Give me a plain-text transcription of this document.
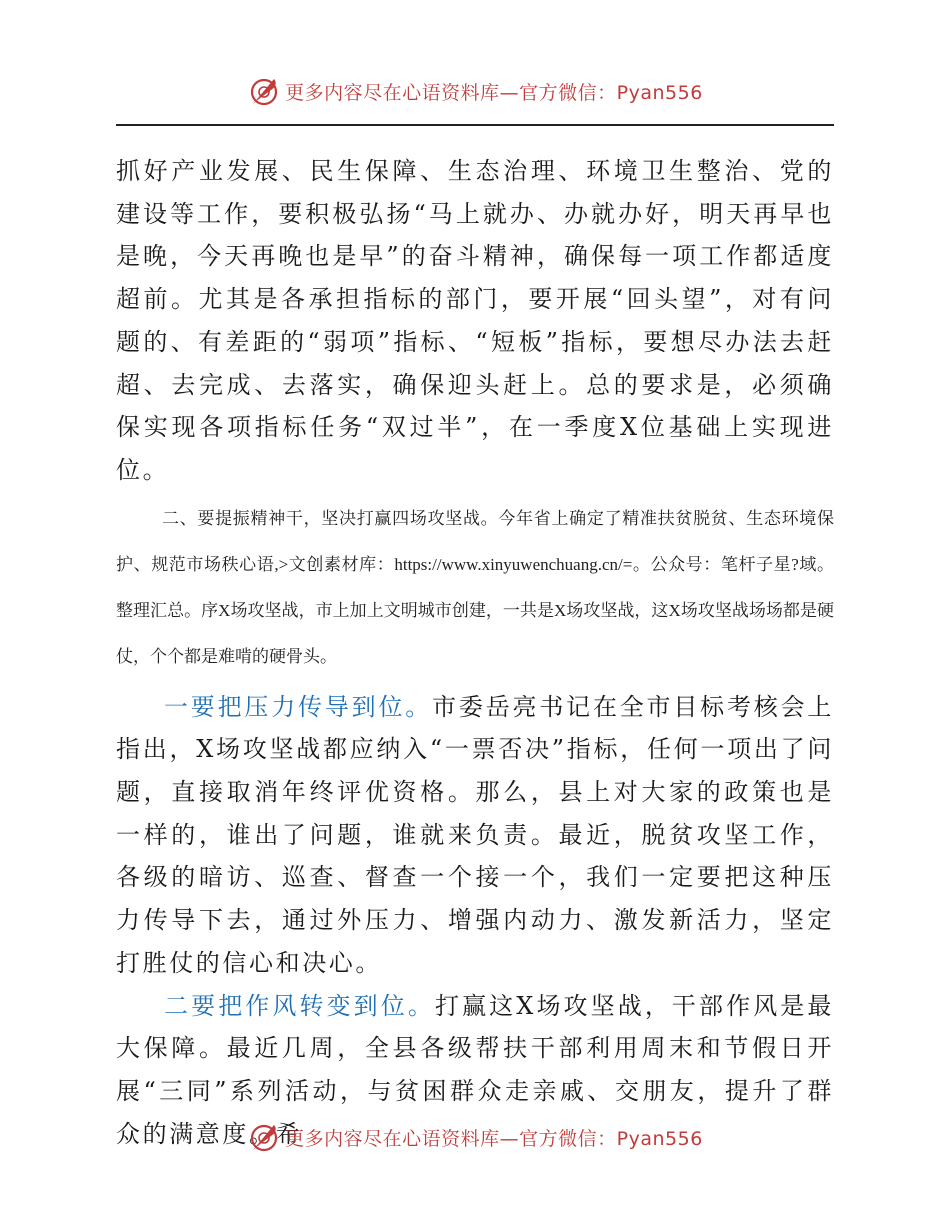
更多内容尽在心语资料库—官方微信：Pyan556

抓好产业发展、民生保障、生态治理、环境卫生整治、党的建设等工作，要积极弘扬“马上就办、办就办好，明天再早也是晚，今天再晚也是早”的奋斗精神，确保每一项工作都适度超前。尤其是各承担指标的部门，要开展“回头望”，对有问题的、有差距的“弱项”指标、“短板”指标，要想尽办法去赶超、去完成、去落实，确保迎头赶上。总的要求是，必须确保实现各项指标任务“双过半”，在一季度X位基础上实现进位。

二、要提振精神干，坚决打赢四场攻坚战。今年省上确定了精准扶贫脱贫、生态环境保护、规范市场秩心语,>文创素材库：https://www.xinyuwenchuang.cn/=。公众号：笔杆子星?域。整理汇总。序X场攻坚战，市上加上文明城市创建，一共是X场攻坚战，这X场攻坚战场场都是硬仗，个个都是难啃的硬骨头。

一要把压力传导到位。市委岳亮书记在全市目标考核会上指出，X场攻坚战都应纳入“一票否决”指标，任何一项出了问题，直接取消年终评优资格。那么，县上对大家的政策也是一样的，谁出了问题，谁就来负责。最近，脱贫攻坚工作，各级的暗访、巡查、督查一个接一个，我们一定要把这种压力传导下去，通过外压力、增强内动力、激发新活力，坚定打胜仗的信心和决心。

二要把作风转变到位。打赢这X场攻坚战，干部作风是最大保障。最近几周，全县各级帮扶干部利用周末和节假日开展“三同”系列活动，与贫困群众走亲戚、交朋友，提升了群众的满意度。希

更多内容尽在心语资料库—官方微信：Pyan556
